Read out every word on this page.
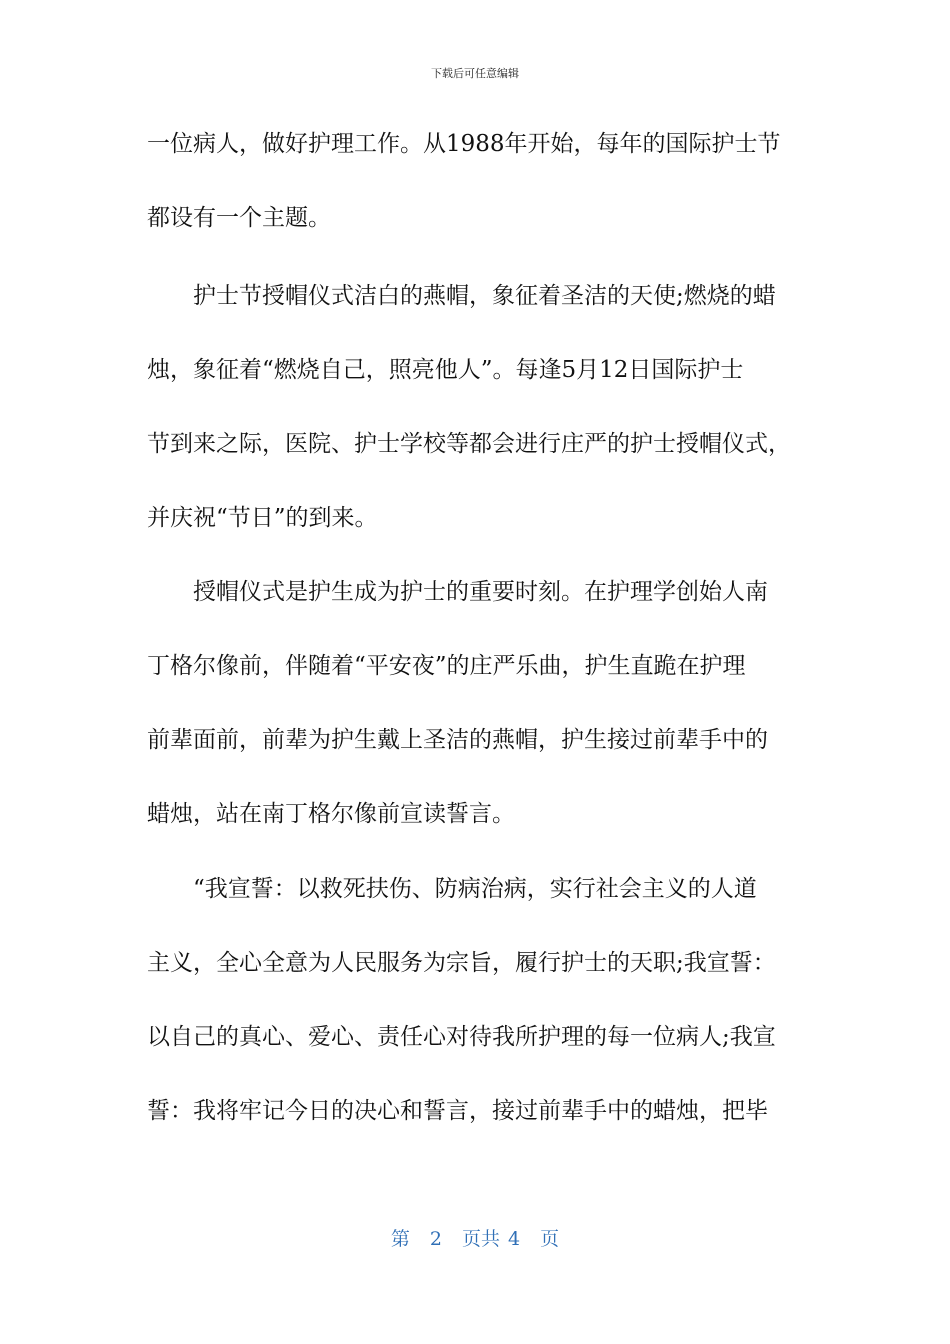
下载后可任意编辑
一位病人，做好护理工作。从1988年开始，每年的国际护士节
都设有一个主题。
　　护士节授帽仪式洁白的燕帽，象征着圣洁的天使;燃烧的蜡
烛，象征着“燃烧自己，照亮他人”。每逢5月12日国际护士
节到来之际，医院、护士学校等都会进行庄严的护士授帽仪式，
并庆祝“节日”的到来。
　　授帽仪式是护生成为护士的重要时刻。在护理学创始人南
丁格尔像前，伴随着“平安夜”的庄严乐曲，护生直跪在护理
前辈面前，前辈为护生戴上圣洁的燕帽，护生接过前辈手中的
蜡烛，站在南丁格尔像前宣读誓言。
　　“我宣誓：以救死扶伤、防病治病，实行社会主义的人道
主义，全心全意为人民服务为宗旨，履行护士的天职;我宣誓：
以自己的真心、爱心、责任心对待我所护理的每一位病人;我宣
誓：我将牢记今日的决心和誓言，接过前辈手中的蜡烛，把毕
第 2 页共 4 页
